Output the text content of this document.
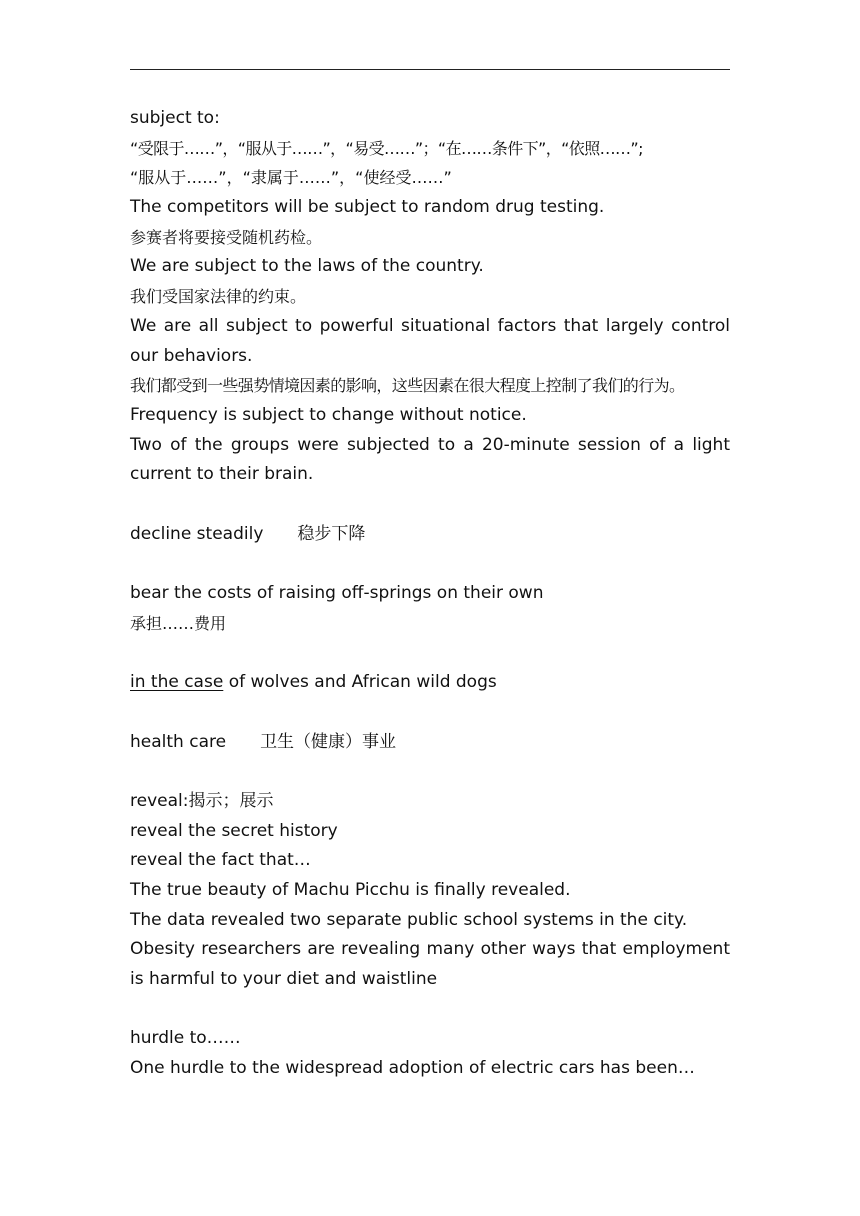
subject to:
“受限于……”，“服从于……”，“易受……”；“在……条件下”，“依照……”;
“服从于……”，“隶属于……”，“使经受……”
The competitors will be subject to random drug testing.
参赛者将要接受随机药检。
We are subject to the laws of the country.
我们受国家法律的约束。
We are all subject to powerful situational factors that largely control our behaviors.
我们都受到一些强势情境因素的影响，这些因素在很大程度上控制了我们的行为。
Frequency is subject to change without notice.
Two of the groups were subjected to a 20-minute session of a light current to their brain.
decline steadily 稳步下降
bear the costs of raising off-springs on their own
承担……费用
in the case of wolves and African wild dogs
health care 卫生（健康）事业
reveal:揭示；展示
reveal the secret history
reveal the fact that…
The true beauty of Machu Picchu is finally revealed.
The data revealed two separate public school systems in the city.
Obesity researchers are revealing many other ways that employment is harmful to your diet and waistline
hurdle to……
One hurdle to the widespread adoption of electric cars has been…
